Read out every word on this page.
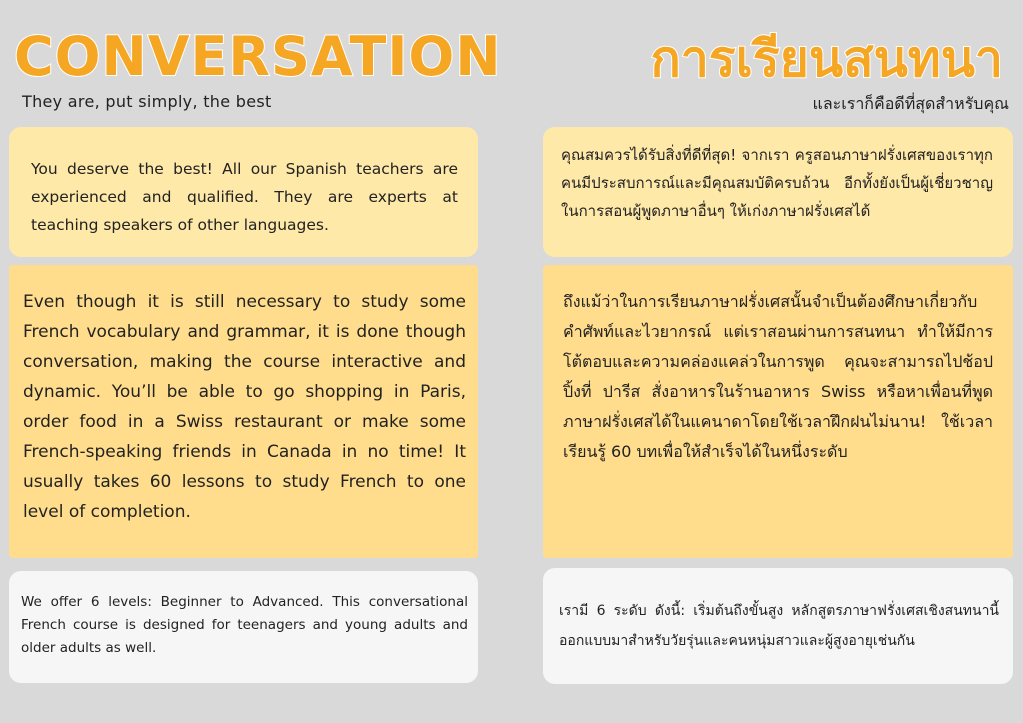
CONVERSATION
They are, put simply, the best
การเรียนสนทนา
และเราก็คือดีที่สุดสำหรับคุณ

You deserve the best! All our Spanish teachers are experienced and qualified. They are experts at teaching speakers of other languages.

คุณสมควรได้รับสิ่งที่ดีที่สุด! จากเรา ครูสอนภาษาฝรั่งเศสของเราทุกคนมีประสบการณ์และมีคุณสมบัติครบถ้วน อีกทั้งยังเป็นผู้เชี่ยวชาญในการสอนผู้พูดภาษาอื่นๆ ให้เก่งภาษาฝรั่งเศสได้

Even though it is still necessary to study some French vocabulary and grammar, it is done though conversation, making the course interactive and dynamic. You’ll be able to go shopping in Paris, order food in a Swiss restaurant or make some French-speaking friends in Canada in no time! It usually takes 60 lessons to study French to one level of completion.

ถึงแม้ว่าในการเรียนภาษาฝรั่งเศสนั้นจำเป็นต้องศึกษาเกี่ยวกับคำศัพท์และไวยากรณ์ แต่เราสอนผ่านการสนทนา ทำให้มีการโต้ตอบและความคล่องแคล่วในการพูด คุณจะสามารถไปช้อปปิ้งที่ ปารีส สั่งอาหารในร้านอาหาร Swiss หรือหาเพื่อนที่พูดภาษาฝรั่งเศสได้ในแคนาดาโดยใช้เวลาฝึกฝนไม่นาน! ใช้เวลาเรียนรู้ 60 บทเพื่อให้สำเร็จได้ในหนึ่งระดับ

We offer 6 levels: Beginner to Advanced. This conversational French course is designed for teenagers and young adults and older adults as well.

เรามี 6 ระดับ ดังนี้: เริ่มต้นถึงขั้นสูง หลักสูตรภาษาฟรั่งเศสเชิงสนทนานี้ออกแบบมาสำหรับวัยรุ่นและคนหนุ่มสาวและผู้สูงอายุเช่นกัน
